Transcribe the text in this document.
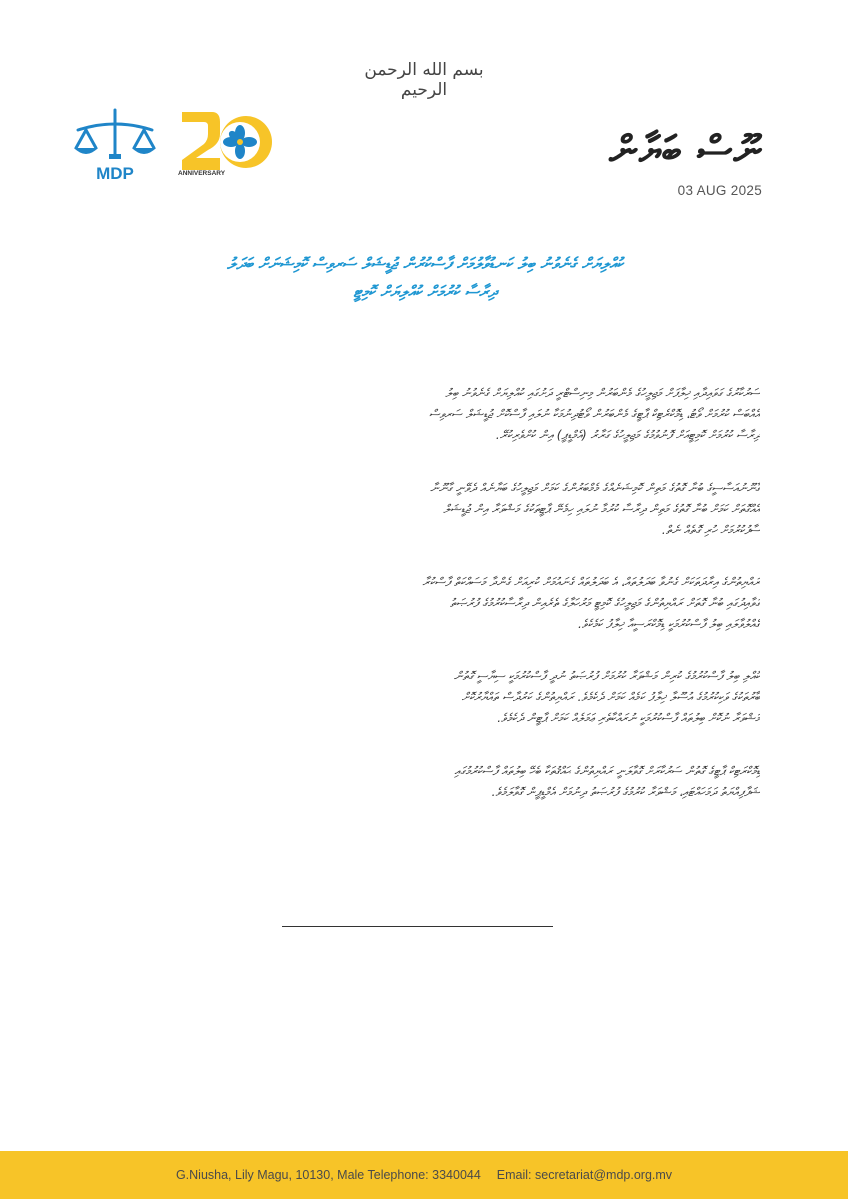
بسم الله الرحمن الرحيم
MDP	ANNIVERSARY	ނޫސް ބަޔާން
03 AUG 2025
ކުއްލިޔަށް ގެނެވުނު ބިލު ކަނޑުވާލުމަށް ފާސްކުރުން ޖުޑީޝަލް ސަރވިސް ކޮމިޝަނަށް ބަދަލު
ދިރާސާ ކުރުމަށް ކުއްލިޔަށް ކޮމިޓީ
ސަރުކާރުގެ ގަވައިދާއި ޚިލާފަށް މަޖިލީހުގެ މެންބަރުން މިނިސްޓްރީ ދަށުގައި ކުއްލިޔަށް ގެނެވުނު ބިލު
އެއްބަސް ކުރުމަށް ވޯޓު، ޑިމޮކްރެޓިކް ޕާޓީގެ މެންބަރުން ވޯޓުދިނުމަކާ ނުލައި ފާސްކޮށް ޖުޑީޝަލް ސަރވިސް
ދިރާސާ ކުރުމަށް ކޮމިޓީއަށް ފޮނުވުމުގެ މަޖިލީހުގެ ގަރާރު (އެމްޑީޕީ) އިން ކުށްވެރިކުރޭ.
ގާނޫނުއަސާސީގެ ބުނާ ގޮތުގެ މަތިން ކޮމިޝަނެއްގެ މެމްބަރުންގެ ކަމަށް މަޖިލީހުގެ ބަޔާނެއް ދެވޭނީ ގާނޫނާ
އެއްގޮތަށް ކަމަށް ބުނާ ގޮތުގެ މަތިން ދިރާސާ ކުރުމާ ނުލައި ހިމެނޭ ޕާޓީތަކުގެ މަޝްވަރާ އިން ޖުޑީޝަލް
ސާފުކުރުމަށް ހުރި ގޮތެއް ނެތް.
ރައްޔިތުންގެ އިރާދަތަކަށް ގެނުވާ ބަދަލުތައް، އެ ބަދަލުތައް ގެނައުމަށް ކުރިއަށް ގެންދާ މަސައްކަތް ފާސްކުރާ
ގަވާއިދުގައި ބުނާ ގޮތަށް ރައްޔިތުންގެ މަޖިލީހުގެ ކޮމިޓީ މަރުހަލާގެ ތެރެއިން ދިރާސާކުރުމުގެ ފުރުޞަތު
ގެއްލުވާލައި ބިލު ފާސްކުރުމަކީ ޑިމޮކްރަސީއާ ޚިލާފު ކަމެކެވެ.
ކުއްލި ބިލު ފާސްކުރުމުގެ ކުރިން މަޝްވަރާ ކުރުމަށް ފުރުޞަތު ނުދީ ފާސްކުރުމަކީ ސިޔާސީ ގޮތުން
ބާރުތަކުގެ ވަކިކުރުމުގެ އުސޫލާ ޚިލާފު ކަމެއް ކަމަށް ދެކެމެވެ. ރައްޔިތުންގެ ކަރުދާސް ތައްޔާރުކޮށް
މަޝްވަރާ ނުކޮށް ބިލުތައް ފާސްކުރުމަކީ ނުރައްކާތެރި ޢަމަލެއް ކަމަށް ޕާޓީން ދެކެމެވެ.
ޑިމޮކްރަޓިކް ޕާޓީގެ ގޮތުން ސަރުކާރަށް ގޮވާލަނީ ރައްޔިތުންގެ ޙައްޤުތަކާ ބެހޭ ބިލުތައް ފާސްކުރުމުގައި
ޝަފާފިއްޔަތު ދަމަހައްޓައި، މަޝްވަރާ ކުރުމުގެ ފުރުޞަތު ދިނުމަށް އެމްޑީޕީން ގޮވާލަމެވެ.
G.Niusha, Lily Magu, 10130, Male Telephone: 3340044 Email: secretariat@mdp.org.mv
